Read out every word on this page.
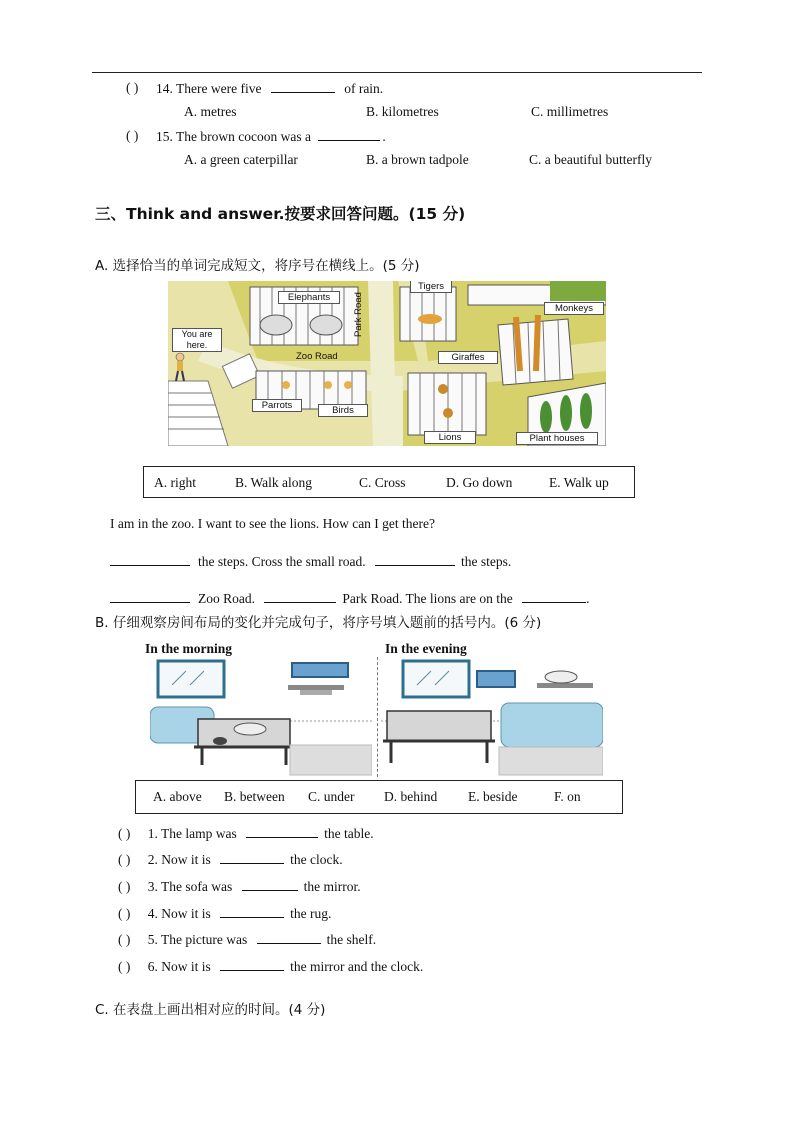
( ) 14. There were five	of rain.
A. metres	B. kilometres	C. millimetres
( ) 15. The brown cocoon was a	.
A. a green caterpillar	B. a brown tadpole	C. a beautiful butterfly
三、Think and answer.按要求回答问题。(15 分)
A. 选择恰当的单词完成短文，将序号在横线上。(5 分)
Elephants
Tigers
Monkeys
Park Road
You are here.
Zoo Road	Giraffes
Parrots	Birds
Lions	Plant houses
A. right	B. Walk along	C. Cross	D. Go down	E. Walk up
I am in the zoo. I want to see the lions. How can I get there?
the steps. Cross the small road.	the steps.
Zoo Road.	Park Road. The lions are on the	.
B. 仔细观察房间布局的变化并完成句子，将序号填入题前的括号内。(6 分)
In the morning	In the evening
A. above B. between C. under D. behind E. beside	F. on
( ) 1. The lamp was	the table.
( ) 2. Now it is	the clock.
( ) 3. The sofa was	the mirror.
( ) 4. Now it is	the rug.
( ) 5. The picture was	the shelf.
( ) 6. Now it is	the mirror and the clock.
C. 在表盘上画出相对应的时间。(4 分)
